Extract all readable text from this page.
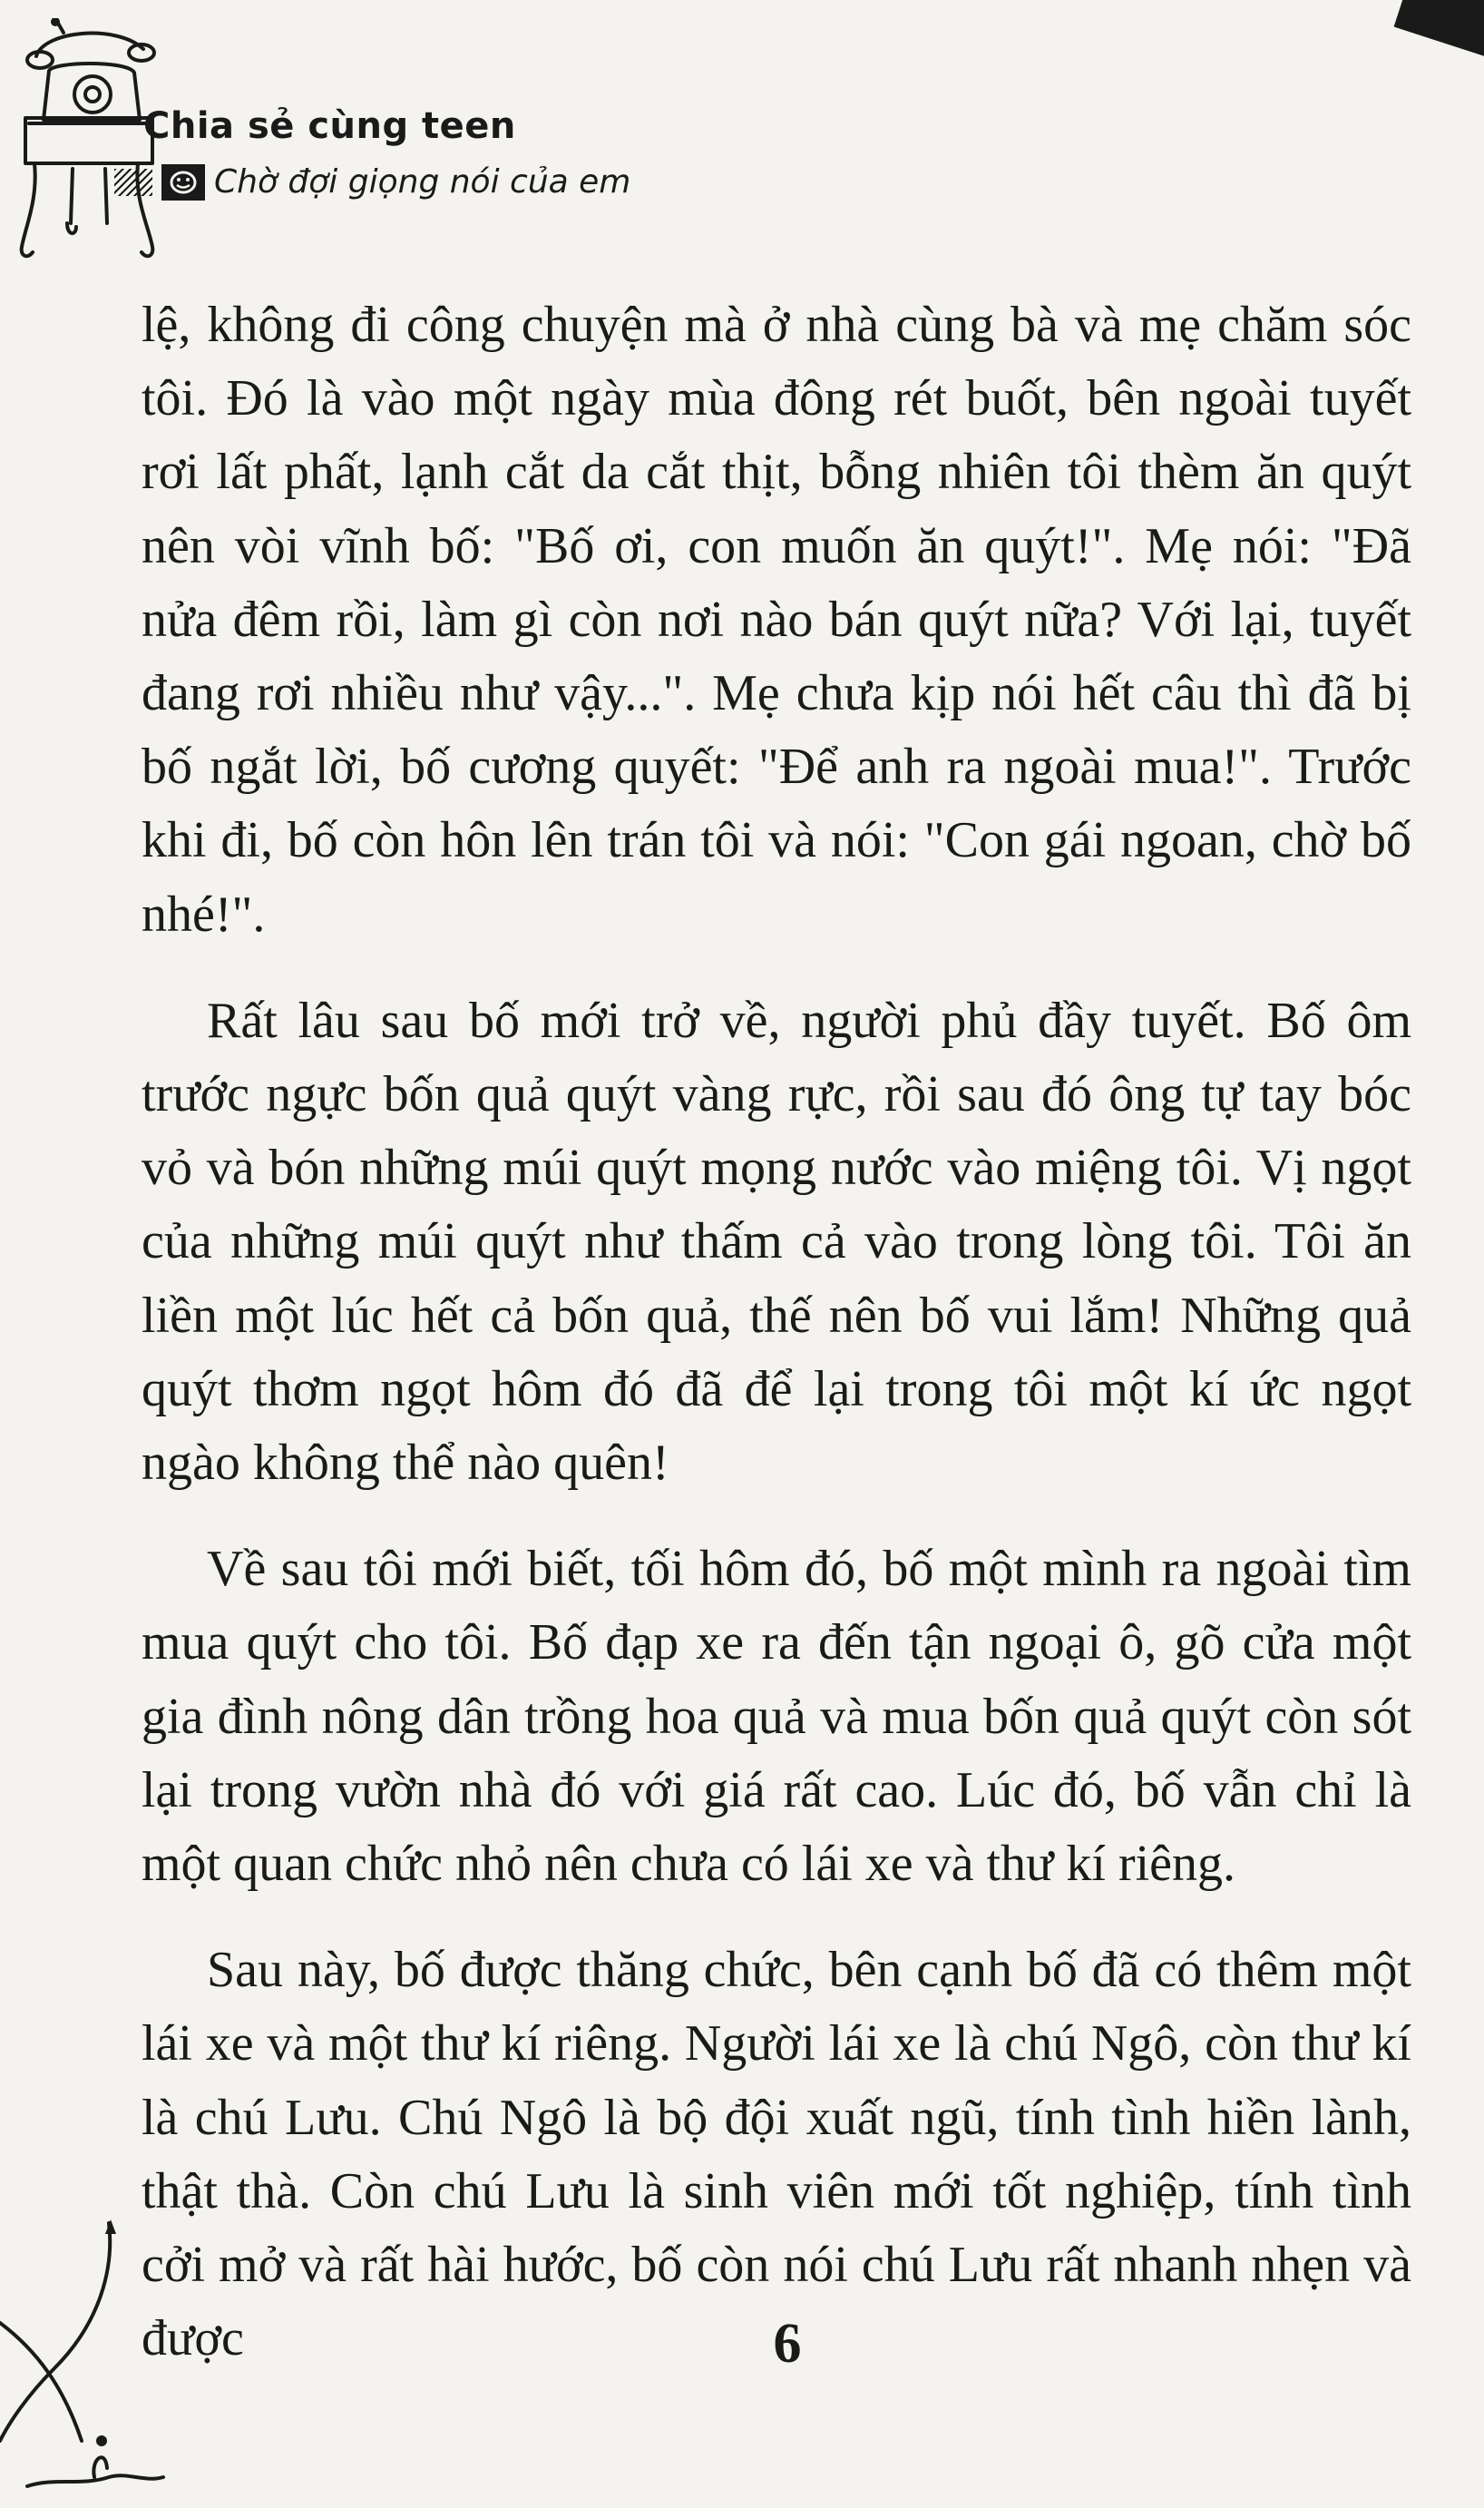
Chia sẻ cùng teen
Chờ đợi giọng nói của em

lệ, không đi công chuyện mà ở nhà cùng bà và mẹ chăm sóc tôi. Đó là vào một ngày mùa đông rét buốt, bên ngoài tuyết rơi lất phất, lạnh cắt da cắt thịt, bỗng nhiên tôi thèm ăn quýt nên vòi vĩnh bố: "Bố ơi, con muốn ăn quýt!". Mẹ nói: "Đã nửa đêm rồi, làm gì còn nơi nào bán quýt nữa? Với lại, tuyết đang rơi nhiều như vậy...". Mẹ chưa kịp nói hết câu thì đã bị bố ngắt lời, bố cương quyết: "Để anh ra ngoài mua!". Trước khi đi, bố còn hôn lên trán tôi và nói: "Con gái ngoan, chờ bố nhé!".

Rất lâu sau bố mới trở về, người phủ đầy tuyết. Bố ôm trước ngực bốn quả quýt vàng rực, rồi sau đó ông tự tay bóc vỏ và bón những múi quýt mọng nước vào miệng tôi. Vị ngọt của những múi quýt như thấm cả vào trong lòng tôi. Tôi ăn liền một lúc hết cả bốn quả, thế nên bố vui lắm! Những quả quýt thơm ngọt hôm đó đã để lại trong tôi một kí ức ngọt ngào không thể nào quên!

Về sau tôi mới biết, tối hôm đó, bố một mình ra ngoài tìm mua quýt cho tôi. Bố đạp xe ra đến tận ngoại ô, gõ cửa một gia đình nông dân trồng hoa quả và mua bốn quả quýt còn sót lại trong vườn nhà đó với giá rất cao. Lúc đó, bố vẫn chỉ là một quan chức nhỏ nên chưa có lái xe và thư kí riêng.

Sau này, bố được thăng chức, bên cạnh bố đã có thêm một lái xe và một thư kí riêng. Người lái xe là chú Ngô, còn thư kí là chú Lưu. Chú Ngô là bộ đội xuất ngũ, tính tình hiền lành, thật thà. Còn chú Lưu là sinh viên mới tốt nghiệp, tính tình cởi mở và rất hài hước, bố còn nói chú Lưu rất nhanh nhẹn và được	6
